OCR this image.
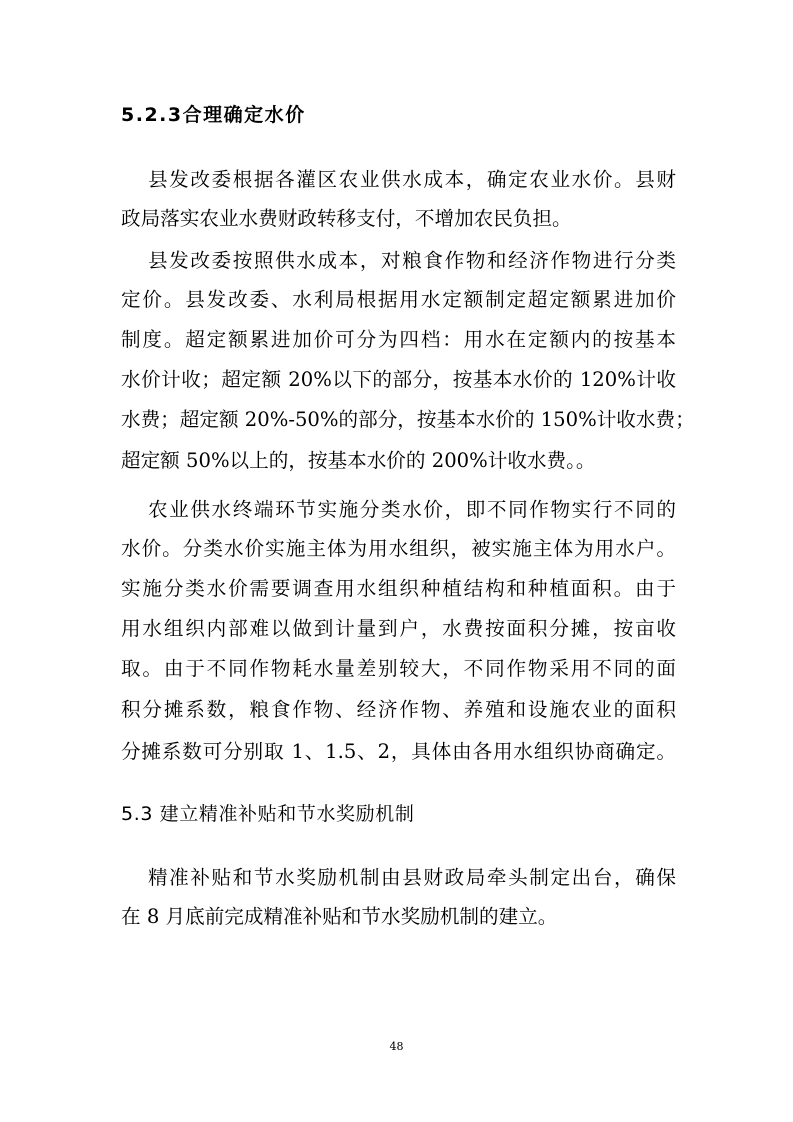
5.2.3合理确定水价

县发改委根据各灌区农业供水成本，确定农业水价。县财

政局落实农业水费财政转移支付，不增加农民负担。

县发改委按照供水成本，对粮食作物和经济作物进行分类

定价。县发改委、水利局根据用水定额制定超定额累进加价

制度。超定额累进加价可分为四档：用水在定额内的按基本

水价计收；超定额 20%以下的部分，按基本水价的 120%计收

水费；超定额 20%-50%的部分，按基本水价的 150%计收水费；

超定额 50%以上的，按基本水价的 200%计收水费。。

农业供水终端环节实施分类水价，即不同作物实行不同的

水价。分类水价实施主体为用水组织，被实施主体为用水户。

实施分类水价需要调查用水组织种植结构和种植面积。由于

用水组织内部难以做到计量到户，水费按面积分摊，按亩收

取。由于不同作物耗水量差别较大，不同作物采用不同的面

积分摊系数，粮食作物、经济作物、养殖和设施农业的面积

分摊系数可分别取 1、1.5、2，具体由各用水组织协商确定。

5.3 建立精准补贴和节水奖励机制

精准补贴和节水奖励机制由县财政局牵头制定出台，确保

在 8 月底前完成精准补贴和节水奖励机制的建立。

48
